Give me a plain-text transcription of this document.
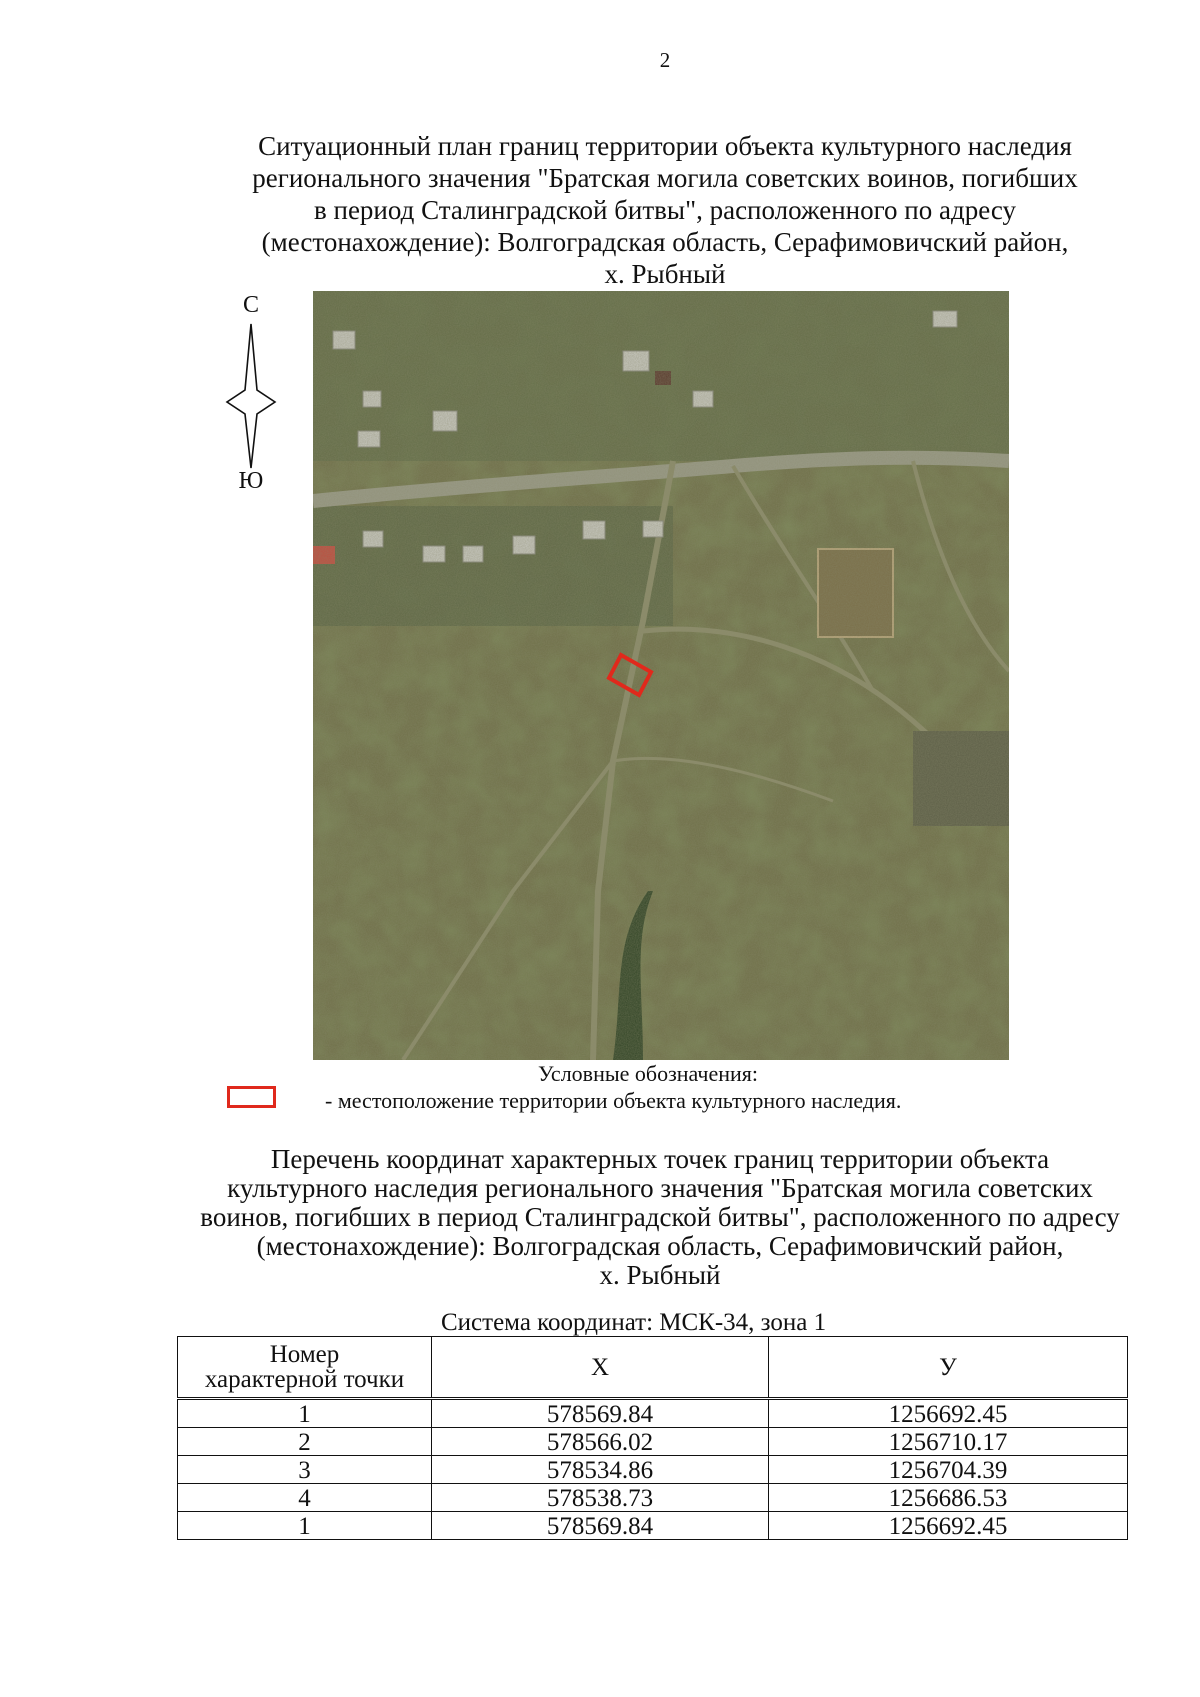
2
Ситуационный план границ территории объекта культурного наследия
регионального значения "Братская могила советских воинов, погибших
в период Сталинградской битвы", расположенного по адресу
(местонахождение): Волгоградская область, Серафимовичский район,
х. Рыбный
С
Ю
Условные обозначения:
- местоположение территории объекта культурного наследия.
Перечень координат характерных точек границ территории объекта
культурного наследия регионального значения "Братская могила советских
воинов, погибших в период Сталинградской битвы", расположенного по адресу
(местонахождение): Волгоградская область, Серафимовичский район,
х. Рыбный
Система координат: МСК-34, зона 1
Номер
характерной точки	X	У
1	578569.84	1256692.45
2	578566.02	1256710.17
3	578534.86	1256704.39
4	578538.73	1256686.53
1	578569.84	1256692.45
